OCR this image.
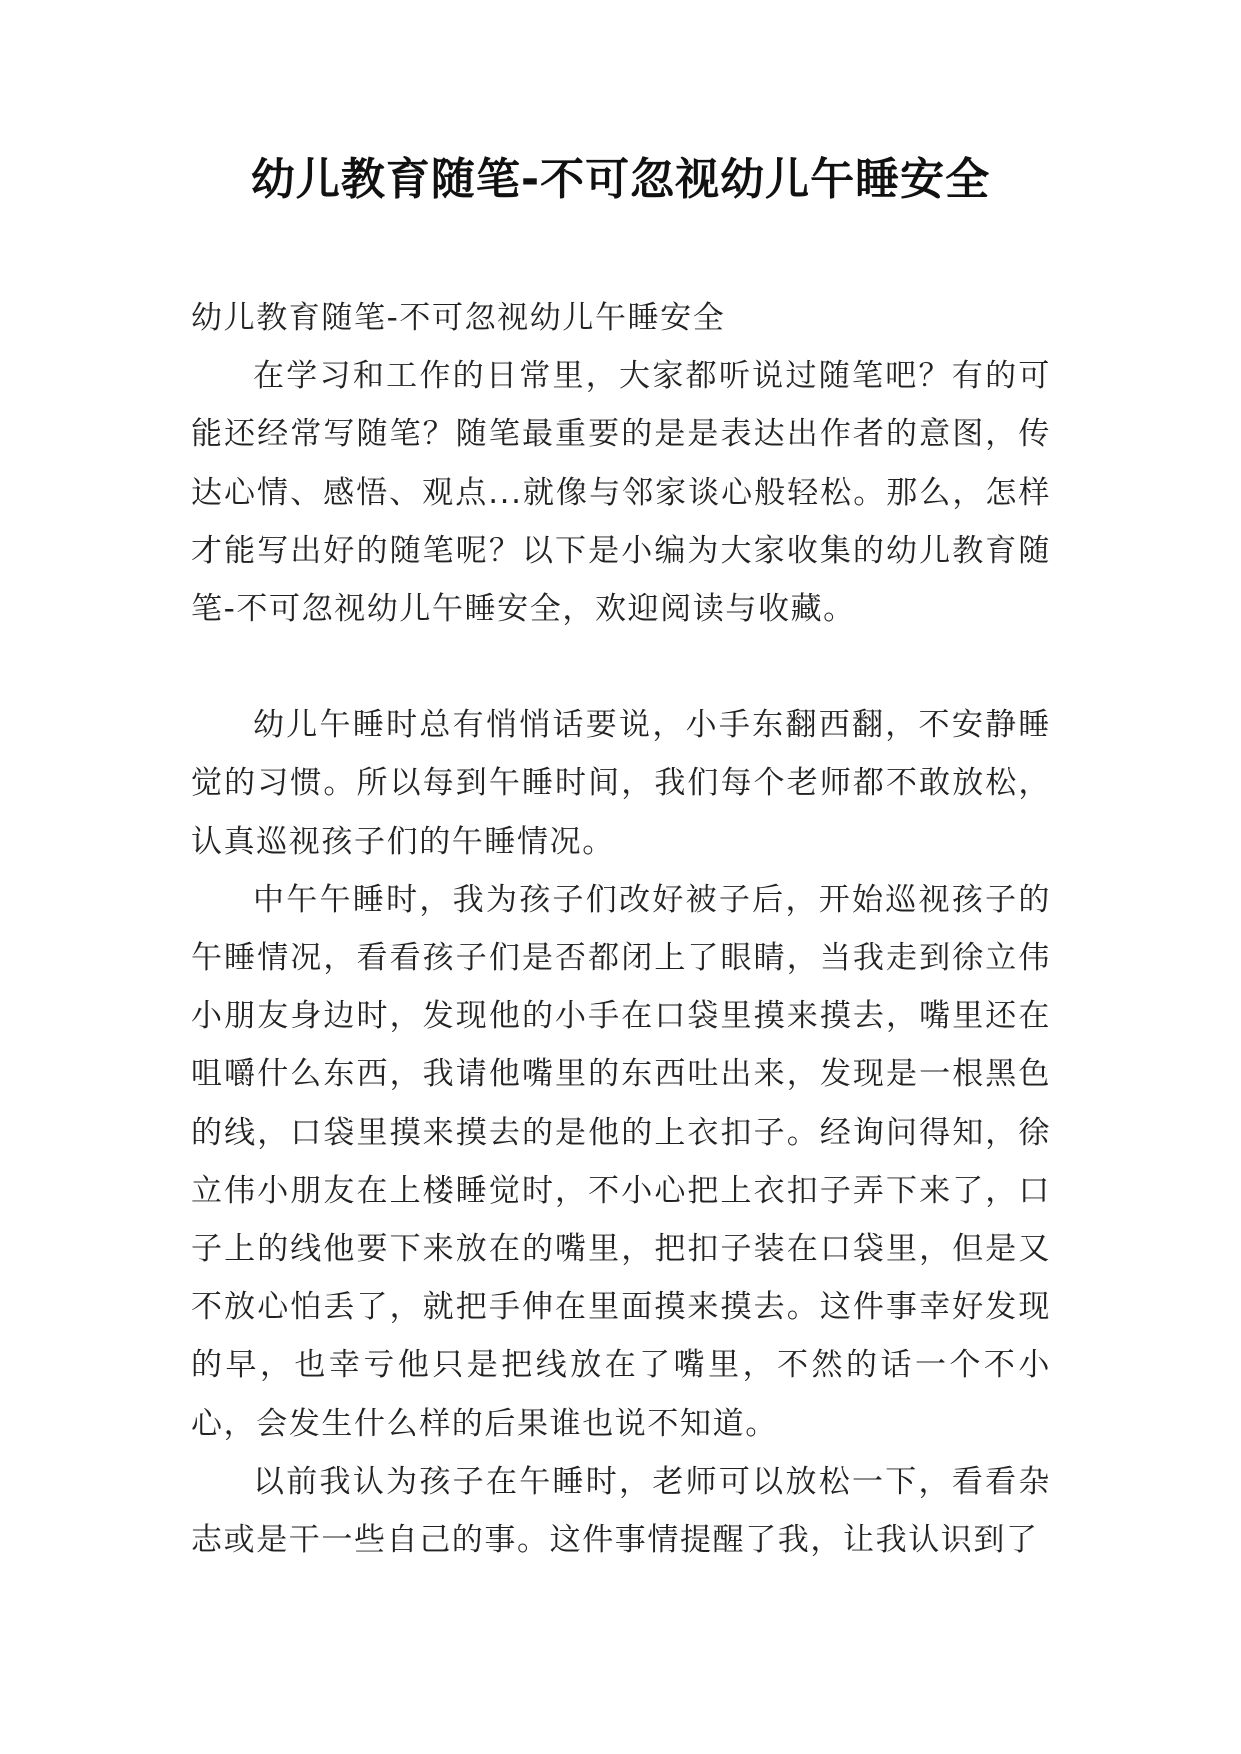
幼儿教育随笔-不可忽视幼儿午睡安全

幼儿教育随笔-不可忽视幼儿午睡安全

在学习和工作的日常里，大家都听说过随笔吧？有的可能还经常写随笔？随笔最重要的是是表达出作者的意图，传达心情、感悟、观点...就像与邻家谈心般轻松。那么，怎样才能写出好的随笔呢？以下是小编为大家收集的幼儿教育随笔-不可忽视幼儿午睡安全，欢迎阅读与收藏。

幼儿午睡时总有悄悄话要说，小手东翻西翻，不安静睡觉的习惯。所以每到午睡时间，我们每个老师都不敢放松，认真巡视孩子们的午睡情况。

中午午睡时，我为孩子们改好被子后，开始巡视孩子的午睡情况，看看孩子们是否都闭上了眼睛，当我走到徐立伟小朋友身边时，发现他的小手在口袋里摸来摸去，嘴里还在咀嚼什么东西，我请他嘴里的东西吐出来，发现是一根黑色的线，口袋里摸来摸去的是他的上衣扣子。经询问得知，徐立伟小朋友在上楼睡觉时，不小心把上衣扣子弄下来了，口子上的线他要下来放在的嘴里，把扣子装在口袋里，但是又不放心怕丢了，就把手伸在里面摸来摸去。这件事幸好发现的早，也幸亏他只是把线放在了嘴里，不然的话一个不小心，会发生什么样的后果谁也说不知道。

以前我认为孩子在午睡时，老师可以放松一下，看看杂志或是干一些自己的事。这件事情提醒了我，让我认识到了
